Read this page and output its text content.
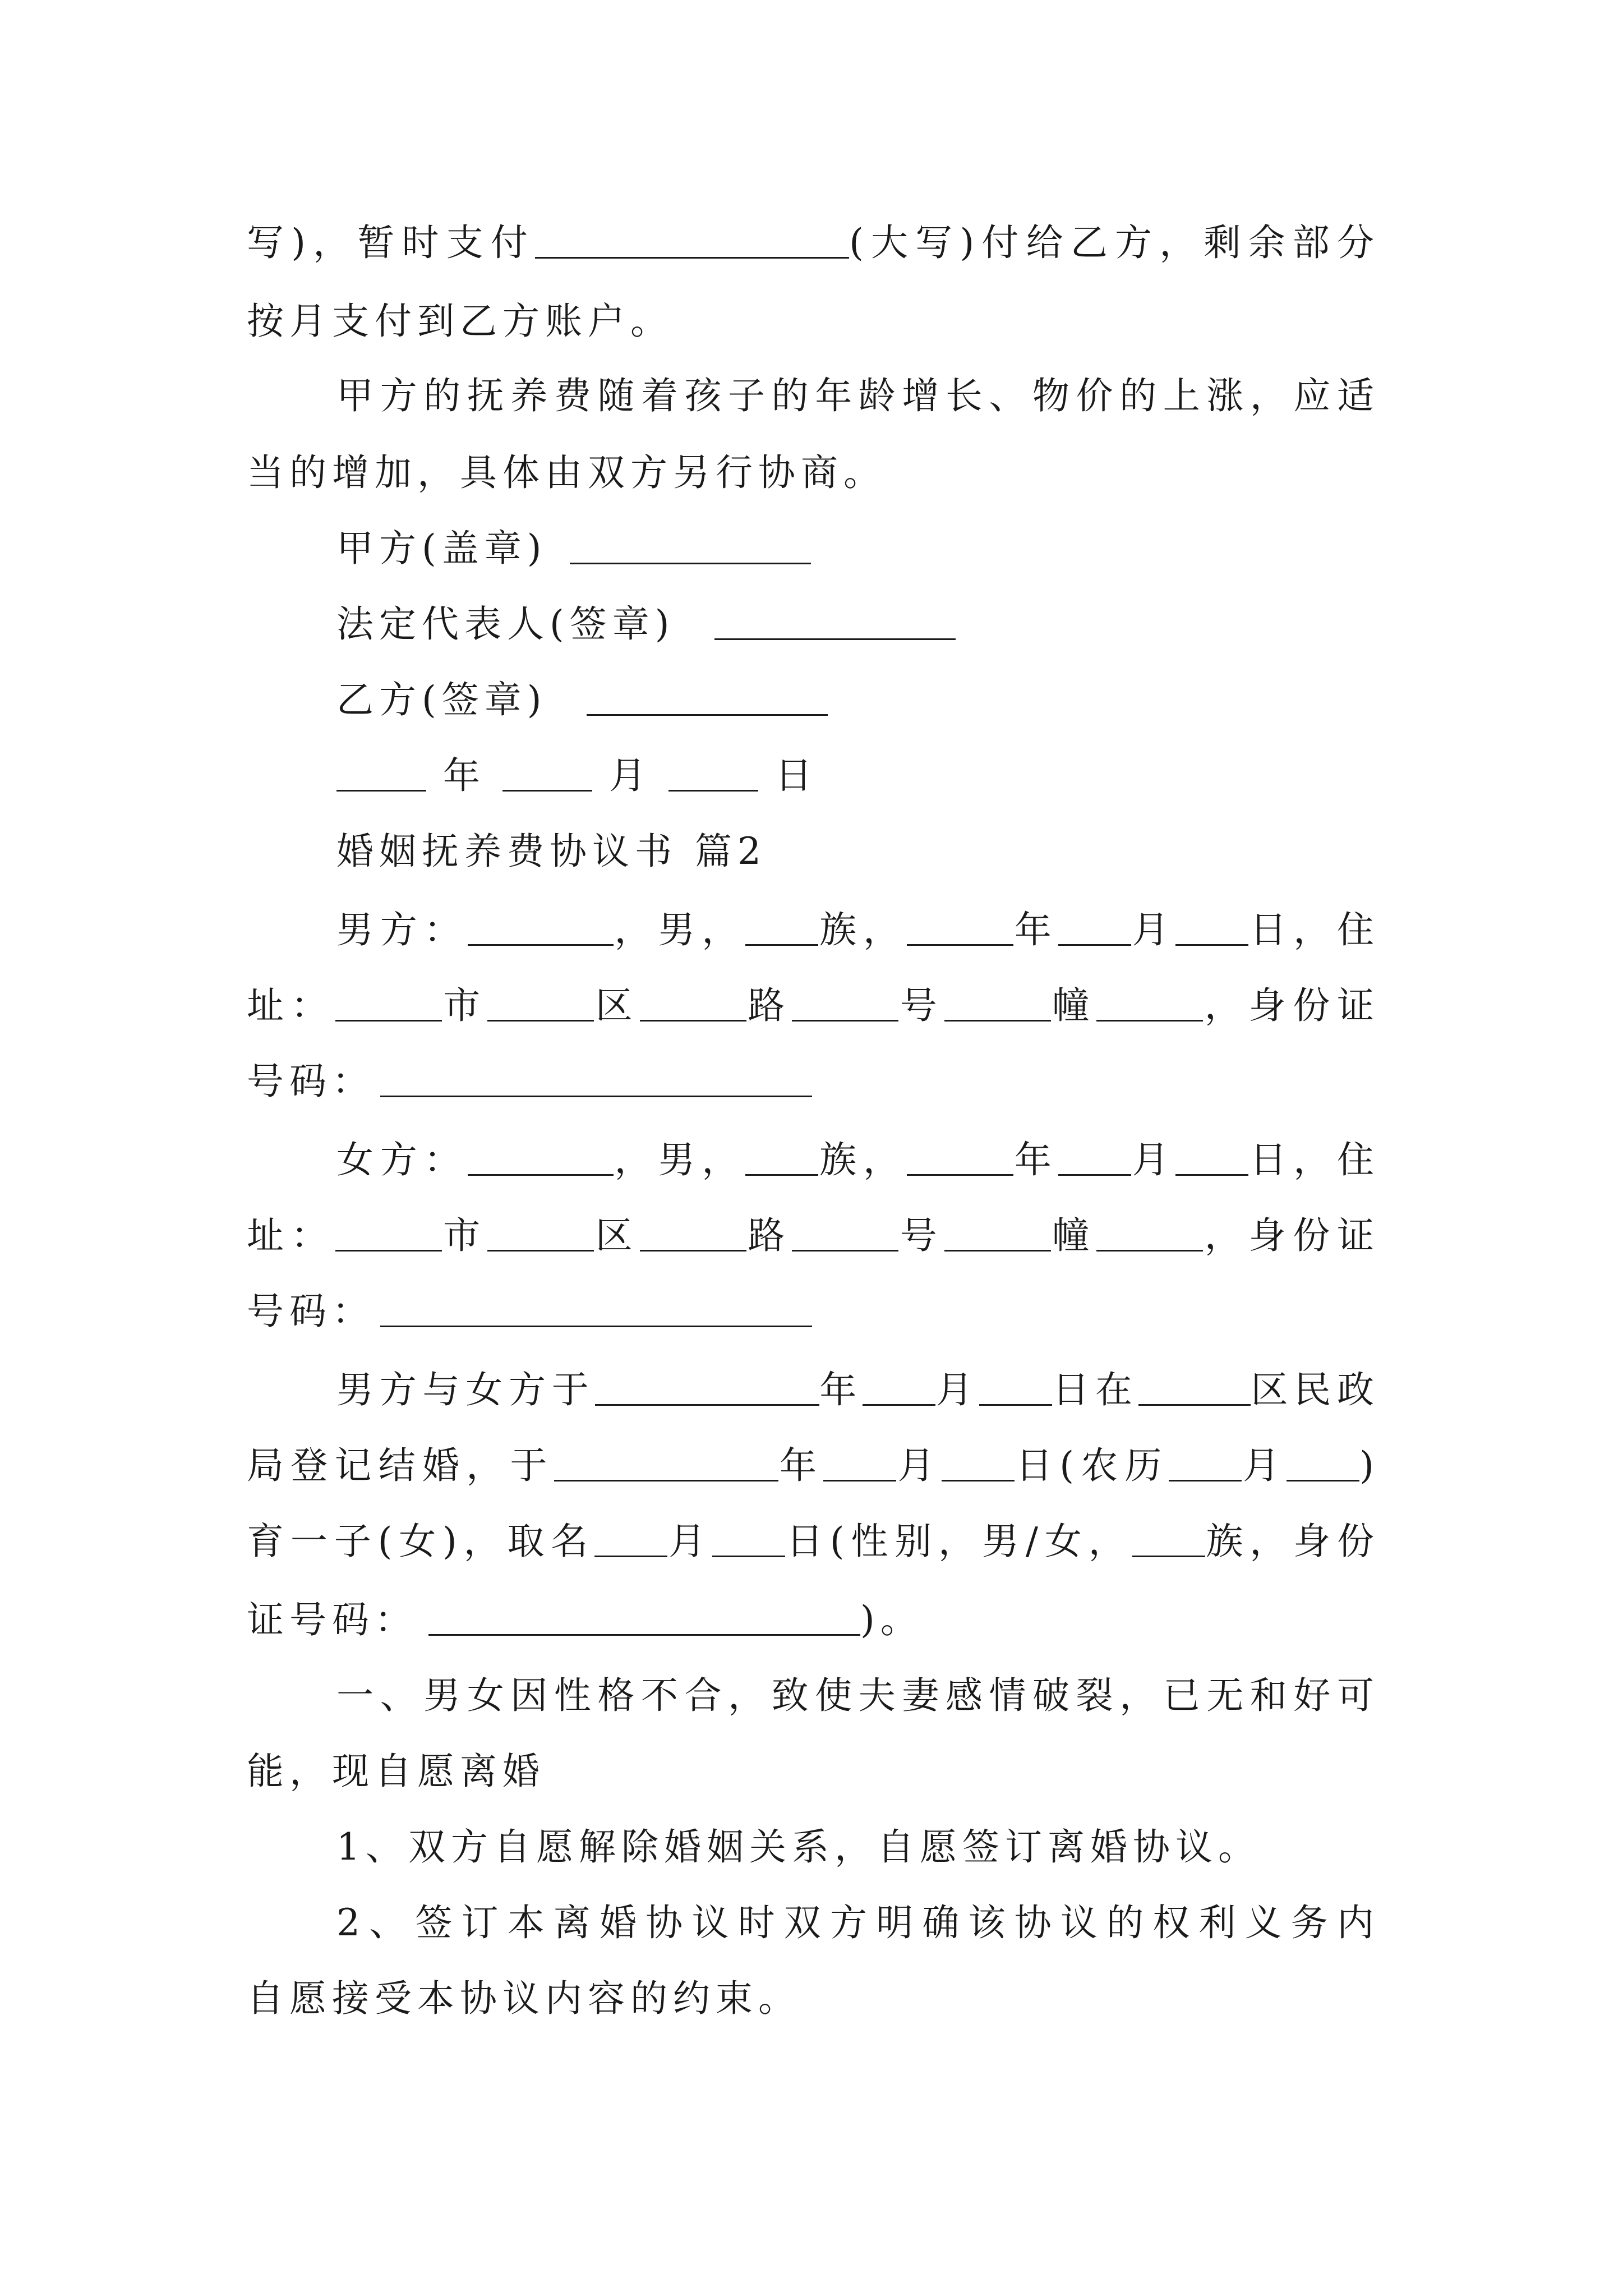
写)，暂时支付	(大写)付给乙方，剩余部分
按月支付到乙方账户。
甲方的抚养费随着孩子的年龄增长、物价的上涨，应适
当的增加，具体由双方另行协商。
甲方(盖章)
法定代表人(签章)
乙方(签章)
年	月	日
婚姻抚养费协议书 篇2
男方：	，男， 族，	年 月 日，住
址：	市	区	路	号	幢	，身份证
号码：
女方：	，男， 族，	年 月 日，住
址：	市	区	路	号	幢	，身份证
号码：
男方与女方于	年 月 日在	区民政
局登记结婚，于	年 月 日(农历 月 )
育一子(女)，取名 月 日(性别，男/女， 族，身份
证号码：	)。
一、男女因性格不合，致使夫妻感情破裂，已无和好可
能，现自愿离婚
1、双方自愿解除婚姻关系，自愿签订离婚协议。
2、签订本离婚协议时双方明确该协议的权利义务内
自愿接受本协议内容的约束。
